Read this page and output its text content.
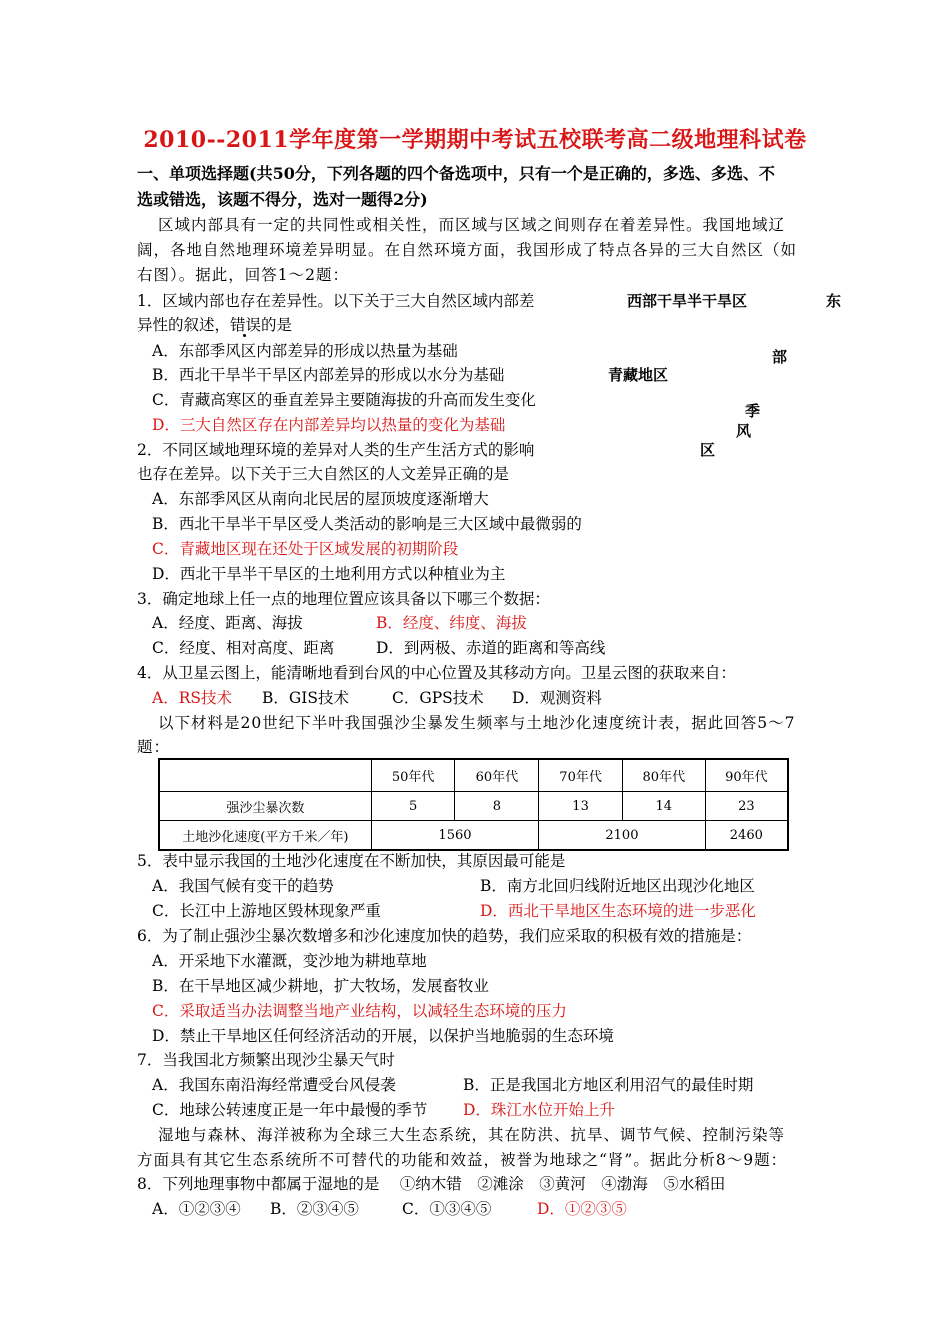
2010--2011学年度第一学期期中考试五校联考高二级地理科试卷
一、单项选择题(共50分，下列各题的四个备选项中，只有一个是正确的，多选、多选、不
选或错选，该题不得分，选对一题得2分)
区域内部具有一定的共同性或相关性，而区域与区域之间则存在着差异性。我国地域辽
阔，各地自然地理环境差异明显。在自然环境方面，我国形成了特点各异的三大自然区（如
右图）。据此，回答1～2题：
西部干旱半干旱区	东
部
青藏地区
季
风
区
1．区域内部也存在差异性。以下关于三大自然区域内部差
异性的叙述，错误的是
A．东部季风区内部差异的形成以热量为基础
B．西北干旱半干旱区内部差异的形成以水分为基础
C．青藏高寒区的垂直差异主要随海拔的升高而发生变化
D．三大自然区存在内部差异均以热量的变化为基础
2．不同区域地理环境的差异对人类的生产生活方式的影响
也存在差异。以下关于三大自然区的人文差异正确的是
A．东部季风区从南向北民居的屋顶坡度逐渐增大
B．西北干旱半干旱区受人类活动的影响是三大区域中最微弱的
C．青藏地区现在还处于区域发展的初期阶段
D．西北干旱半干旱区的土地利用方式以种植业为主
3．确定地球上任一点的地理位置应该具备以下哪三个数据：
A．经度、距离、海拔	B．经度、纬度、海拔
C．经度、相对高度、距离	D．到两极、赤道的距离和等高线
4．从卫星云图上，能清晰地看到台风的中心位置及其移动方向。卫星云图的获取来自：
A．RS技术 B．GIS技术	C．GPS技术 D．观测资料
以下材料是20世纪下半叶我国强沙尘暴发生频率与土地沙化速度统计表，据此回答5～7
题：
	50年代	60年代	70年代	80年代	90年代
强沙尘暴次数	5	8	13	14	23
土地沙化速度(平方千米／年)	1560		2100		2460
5．表中显示我国的土地沙化速度在不断加快，其原因最可能是
A．我国气候有变干的趋势	B．南方北回归线附近地区出现沙化地区
C．长江中上游地区毁林现象严重	D．西北干旱地区生态环境的进一步恶化
6．为了制止强沙尘暴次数增多和沙化速度加快的趋势，我们应采取的积极有效的措施是：
A．开采地下水灌溉，变沙地为耕地草地
B．在干旱地区减少耕地，扩大牧场，发展畜牧业
C．采取适当办法调整当地产业结构，以减轻生态环境的压力
D．禁止干旱地区任何经济活动的开展，以保护当地脆弱的生态环境
7．当我国北方频繁出现沙尘暴天气时
A．我国东南沿海经常遭受台风侵袭	B．正是我国北方地区利用沼气的最佳时期
C．地球公转速度正是一年中最慢的季节 D．珠江水位开始上升
湿地与森林、海洋被称为全球三大生态系统，其在防洪、抗旱、调节气候、控制污染等
方面具有其它生态系统所不可替代的功能和效益，被誉为地球之“肾”。据此分析8～9题：
8．下列地理事物中都属于湿地的是　 ①纳木错　②滩涂　③黄河　④渤海　⑤水稻田
A．①②③④ B．②③④⑤	C．①③④⑤	D．①②③⑤
